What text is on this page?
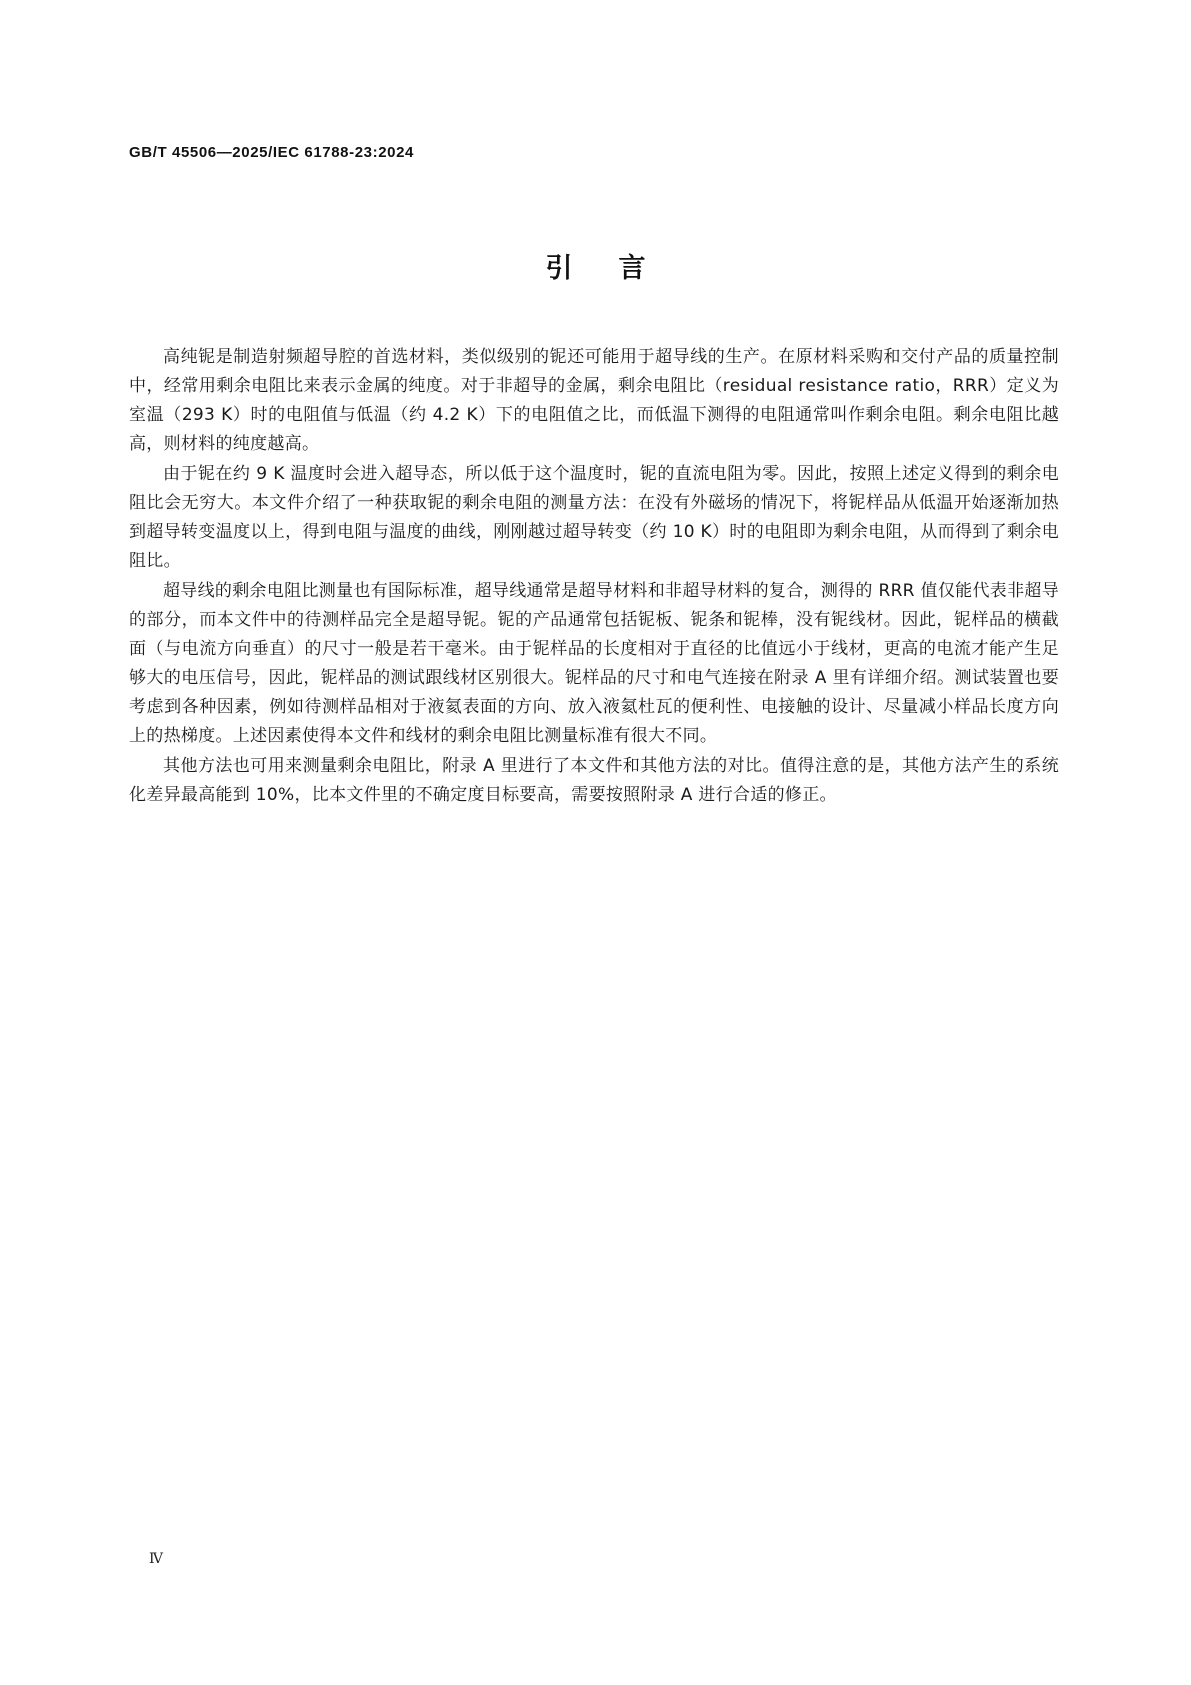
GB/T 45506—2025/IEC 61788-23:2024
引言

高纯铌是制造射频超导腔的首选材料，类似级别的铌还可能用于超导线的生产。在原材料采购和交付产品的质量控制中，经常用剩余电阻比来表示金属的纯度。对于非超导的金属，剩余电阻比（residual resistance ratio，RRR）定义为室温（293 K）时的电阻值与低温（约 4.2 K）下的电阻值之比，而低温下测得的电阻通常叫作剩余电阻。剩余电阻比越高，则材料的纯度越高。

由于铌在约 9 K 温度时会进入超导态，所以低于这个温度时，铌的直流电阻为零。因此，按照上述定义得到的剩余电阻比会无穷大。本文件介绍了一种获取铌的剩余电阻的测量方法：在没有外磁场的情况下，将铌样品从低温开始逐渐加热到超导转变温度以上，得到电阻与温度的曲线，刚刚越过超导转变（约 10 K）时的电阻即为剩余电阻，从而得到了剩余电阻比。

超导线的剩余电阻比测量也有国际标准，超导线通常是超导材料和非超导材料的复合，测得的 RRR 值仅能代表非超导的部分，而本文件中的待测样品完全是超导铌。铌的产品通常包括铌板、铌条和铌棒，没有铌线材。因此，铌样品的横截面（与电流方向垂直）的尺寸一般是若干毫米。由于铌样品的长度相对于直径的比值远小于线材，更高的电流才能产生足够大的电压信号，因此，铌样品的测试跟线材区别很大。铌样品的尺寸和电气连接在附录 A 里有详细介绍。测试装置也要考虑到各种因素，例如待测样品相对于液氦表面的方向、放入液氦杜瓦的便利性、电接触的设计、尽量减小样品长度方向上的热梯度。上述因素使得本文件和线材的剩余电阻比测量标准有很大不同。

其他方法也可用来测量剩余电阻比，附录 A 里进行了本文件和其他方法的对比。值得注意的是，其他方法产生的系统化差异最高能到 10%，比本文件里的不确定度目标要高，需要按照附录 A 进行合适的修正。

Ⅳ
